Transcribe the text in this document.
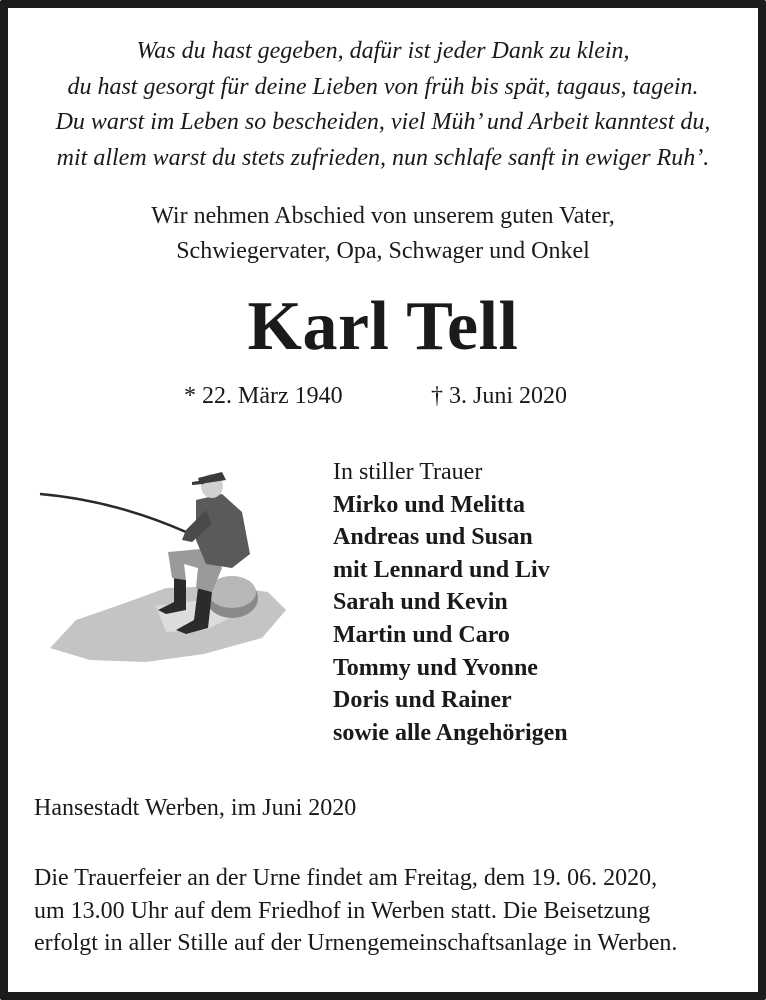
Was du hast gegeben, dafür ist jeder Dank zu klein,
du hast gesorgt für deine Lieben von früh bis spät, tagaus, tagein.
Du warst im Leben so bescheiden, viel Müh’ und Arbeit kanntest du,
mit allem warst du stets zufrieden, nun schlafe sanft in ewiger Ruh’.
Wir nehmen Abschied von unserem guten Vater,
Schwiegervater, Opa, Schwager und Onkel
Karl Tell
* 22. März 1940	† 3. Juni 2020
In stiller Trauer
Mirko und Melitta
Andreas und Susan
mit Lennard und Liv
Sarah und Kevin
Martin und Caro
Tommy und Yvonne
Doris und Rainer
sowie alle Angehörigen
Hansestadt Werben, im Juni 2020
Die Trauerfeier an der Urne findet am Freitag, dem 19. 06. 2020,
um 13.00 Uhr auf dem Friedhof in Werben statt. Die Beisetzung
erfolgt in aller Stille auf der Urnengemeinschaftsanlage in Werben.
